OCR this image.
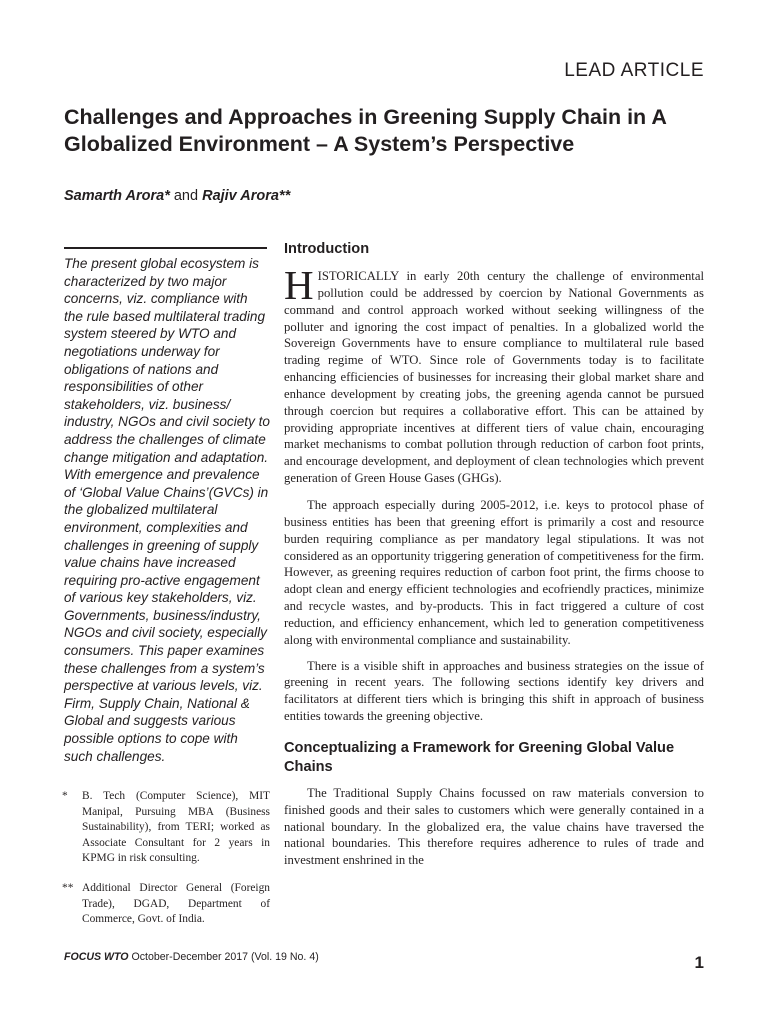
LEAD ARTICLE
Challenges and Approaches in Greening Supply Chain in A Globalized Environment – A System’s Perspective
Samarth Arora* and Rajiv Arora**

The present global ecosystem is characterized by two major concerns, viz. compliance with the rule based multilateral trading system steered by WTO and negotiations underway for obligations of nations and responsibilities of other stakeholders, viz. business/ industry, NGOs and civil society to address the challenges of climate change mitigation and adaptation. With emergence and prevalence of ‘Global Value Chains’(GVCs) in the globalized multilateral environment, complexities and challenges in greening of supply value chains have increased requiring pro-active engagement of various key stakeholders, viz. Governments, business/industry, NGOs and civil society, especially consumers. This paper examines these challenges from a system’s perspective at various levels, viz. Firm, Supply Chain, National & Global and suggests various possible options to cope with such challenges.

* B. Tech (Computer Science), MIT Manipal, Pursuing MBA (Business Sustainability), from TERI; worked as Associate Consultant for 2 years in KPMG in risk consulting.
** Additional Director General (Foreign Trade), DGAD, Department of Commerce, Govt. of India.
Introduction

HISTORICALLY in early 20th century the challenge of environmental pollution could be addressed by coercion by National Governments as command and control approach worked without seeking willingness of the polluter and ignoring the cost impact of penalties. In a globalized world the Sovereign Governments have to ensure compliance to multilateral rule based trading regime of WTO. Since role of Governments today is to facilitate enhancing efficiencies of businesses for increasing their global market share and enhance development by creating jobs, the greening agenda cannot be pursued through coercion but requires a collaborative effort. This can be attained by providing appropriate incentives at different tiers of value chain, encouraging market mechanisms to combat pollution through reduction of carbon foot prints, and encourage development, and deployment of clean technologies which prevent generation of Green House Gases (GHGs).

The approach especially during 2005-2012, i.e. keys to protocol phase of business entities has been that greening effort is primarily a cost and resource burden requiring compliance as per mandatory legal stipulations. It was not considered as an opportunity triggering generation of competitiveness for the firm. However, as greening requires reduction of carbon foot print, the firms choose to adopt clean and energy efficient technologies and ecofriendly practices, minimize and recycle wastes, and by-products. This in fact triggered a culture of cost reduction, and efficiency enhancement, which led to generation competitiveness along with environmental compliance and sustainability.

There is a visible shift in approaches and business strategies on the issue of greening in recent years. The following sections identify key drivers and facilitators at different tiers which is bringing this shift in approach of business entities towards the greening objective.

Conceptualizing a Framework for Greening Global Value Chains

The Traditional Supply Chains focussed on raw materials conversion to finished goods and their sales to customers which were generally contained in a national boundary. In the globalized era, the value chains have traversed the national boundaries. This therefore requires adherence to rules of trade and investment enshrined in the

FOCUS WTO October-December 2017 (Vol. 19 No. 4)	1
